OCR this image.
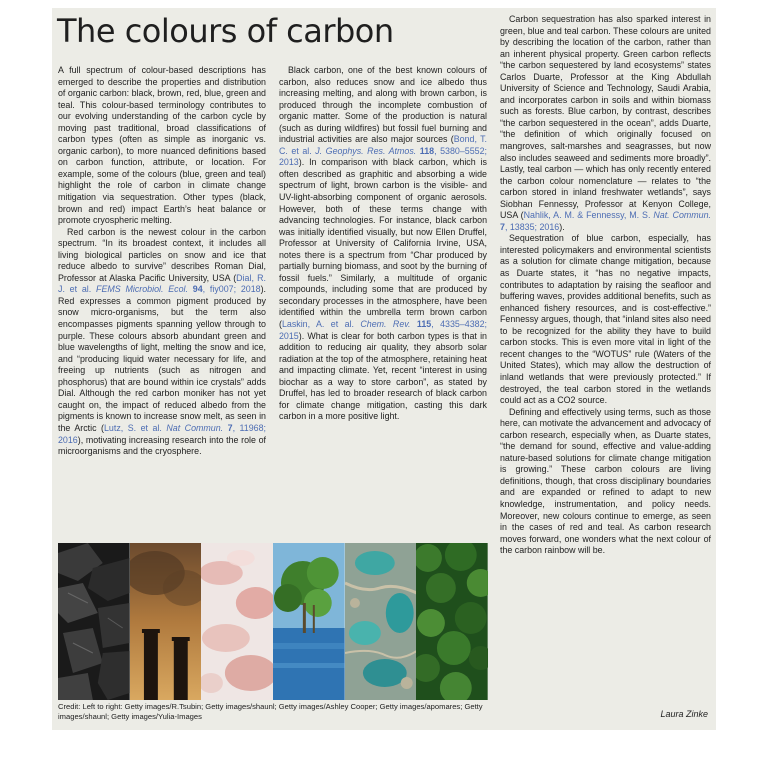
The colours of carbon

A full spectrum of colour-based descriptions has emerged to describe the properties and distribution of organic carbon: black, brown, red, blue, green and teal. This colour-based terminology contributes to our evolving understanding of the carbon cycle by moving past traditional, broad classifications of carbon types (often as simple as inorganic vs. organic carbon), to more nuanced definitions based on carbon function, attribute, or location. For example, some of the colours (blue, green and teal) highlight the role of carbon in climate change mitigation via sequestration. Other types (black, brown and red) impact Earth’s heat balance or promote cryospheric melting.

Red carbon is the newest colour in the carbon spectrum. “In its broadest context, it includes all living biological particles on snow and ice that reduce albedo to survive” describes Roman Dial, Professor at Alaska Pacific University, USA (Dial, R. J. et al. FEMS Microbiol. Ecol. 94, fiy007; 2018). Red expresses a common pigment produced by snow micro-organisms, but the term also encompasses pigments spanning yellow through to purple. These colours absorb abundant green and blue wavelengths of light, melting the snow and ice, and “producing liquid water necessary for life, and freeing up nutrients (such as nitrogen and phosphorus) that are bound within ice crystals” adds Dial. Although the red carbon moniker has not yet caught on, the impact of reduced albedo from the pigments is known to increase snow melt, as seen in the Arctic (Lutz, S. et al. Nat Commun. 7, 11968; 2016), motivating increasing research into the role of microorganisms and the cryosphere.

Black carbon, one of the best known colours of carbon, also reduces snow and ice albedo thus increasing melting, and along with brown carbon, is produced through the incomplete combustion of organic matter. Some of the production is natural (such as during wildfires) but fossil fuel burning and industrial activities are also major sources (Bond, T. C. et al. J. Geophys. Res. Atmos. 118, 5380–5552; 2013). In comparison with black carbon, which is often described as graphitic and absorbing a wide spectrum of light, brown carbon is the visible- and UV-light-absorbing component of organic aerosols. However, both of these terms change with advancing technologies. For instance, black carbon was initially identified visually, but now Ellen Druffel, Professor at University of California Irvine, USA, notes there is a spectrum from “Char produced by partially burning biomass, and soot by the burning of fossil fuels.” Similarly, a multitude of organic compounds, including some that are produced by secondary processes in the atmosphere, have been identified within the umbrella term brown carbon (Laskin, A. et al. Chem. Rev. 115, 4335–4382; 2015). What is clear for both carbon types is that in addition to reducing air quality, they absorb solar radiation at the top of the atmosphere, retaining heat and impacting climate. Yet, recent “interest in using biochar as a way to store carbon”, as stated by Druffel, has led to broader research of black carbon for climate change mitigation, casting this dark carbon in a more positive light.

Carbon sequestration has also sparked interest in green, blue and teal carbon. These colours are united by describing the location of the carbon, rather than an inherent physical property. Green carbon reflects “the carbon sequestered by land ecosystems” states Carlos Duarte, Professor at the King Abdullah University of Science and Technology, Saudi Arabia, and incorporates carbon in soils and within biomass such as forests. Blue carbon, by contrast, describes “the carbon sequestered in the ocean”, adds Duarte, “the definition of which originally focused on mangroves, salt-marshes and seagrasses, but now also includes seaweed and sediments more broadly”. Lastly, teal carbon — which has only recently entered the carbon colour nomenclature — relates to “the carbon stored in inland freshwater wetlands”, says Siobhan Fennessy, Professor at Kenyon College, USA (Nahlik, A. M. & Fennessy, M. S. Nat. Commun. 7, 13835; 2016).

Sequestration of blue carbon, especially, has interested policymakers and environmental scientists as a solution for climate change mitigation, because as Duarte states, it “has no negative impacts, contributes to adaptation by raising the seafloor and buffering waves, provides additional benefits, such as enhanced fishery resources, and is cost-effective.” Fennessy argues, though, that “inland sites also need to be recognized for the ability they have to build carbon stocks. This is even more vital in light of the recent changes to the “WOTUS” rule (Waters of the United States), which may allow the destruction of inland wetlands that were previously protected.” If destroyed, the teal carbon stored in the wetlands could act as a CO2 source.

Defining and effectively using terms, such as those here, can motivate the advancement and advocacy of carbon research, especially when, as Duarte states, “the demand for sound, effective and value-adding nature-based solutions for climate change mitigation is growing.” These carbon colours are living definitions, though, that cross disciplinary boundaries and are expanded or refined to adapt to new knowledge, instrumentation, and policy needs. Moreover, new colours continue to emerge, as seen in the cases of red and teal. As carbon research moves forward, one wonders what the next colour of the carbon rainbow will be.

Credit: Left to right: Getty images/R.Tsubin; Getty images/shaunl; Getty images/Ashley Cooper; Getty images/apomares; Getty images/shaunl; Getty images/Yulia-Images	Laura Zinke
